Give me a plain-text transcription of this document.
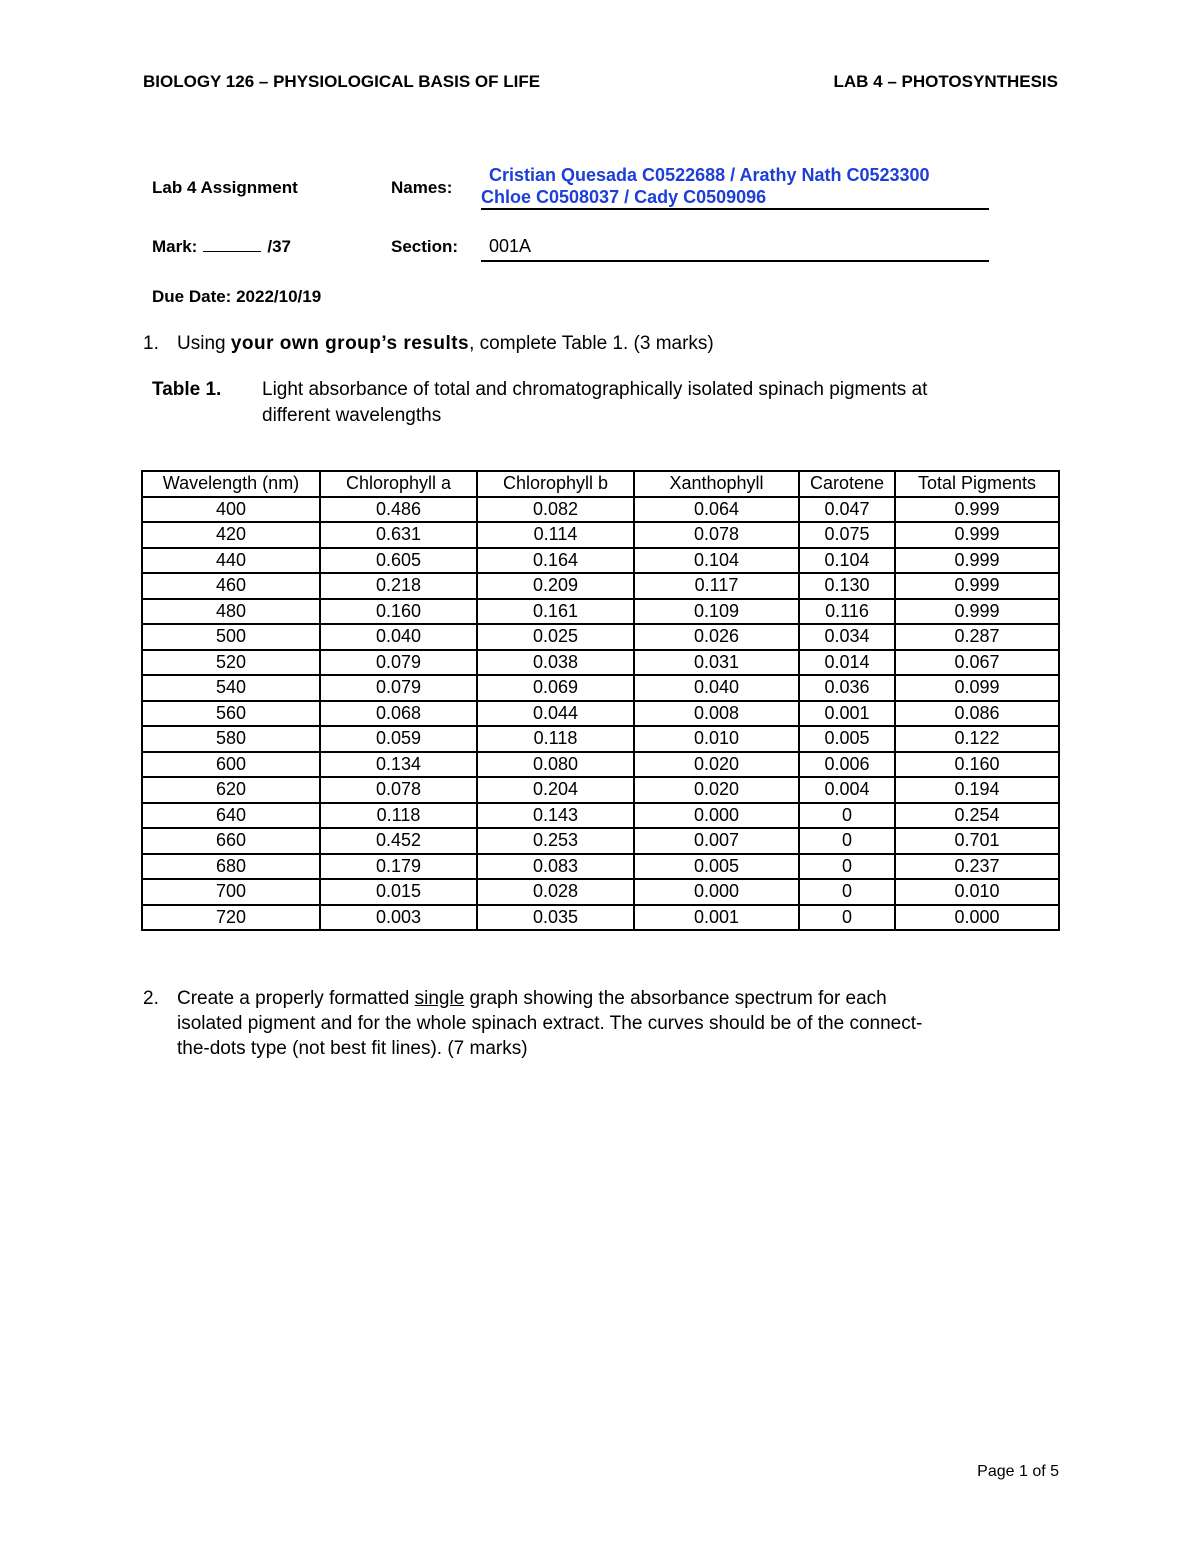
BIOLOGY 126 – PHYSIOLOGICAL BASIS OF LIFE	LAB 4 – PHOTOSYNTHESIS
Lab 4 Assignment	Names:
Cristian Quesada C0522688 / Arathy Nath C0523300
Chloe C0508037 / Cady C0509096
Mark:	/37	Section:	001A
Due Date: 2022/10/19
1. Using your own group’s results, complete Table 1. (3 marks)
Table 1. Light absorbance of total and chromatographically isolated spinach pigments at
different wavelengths
Wavelength (nm)	Chlorophyll a	Chlorophyll b	Xanthophyll	Carotene	Total Pigments
400	0.486	0.082	0.064	0.047	0.999
420	0.631	0.114	0.078	0.075	0.999
440	0.605	0.164	0.104	0.104	0.999
460	0.218	0.209	0.117	0.130	0.999
480	0.160	0.161	0.109	0.116	0.999
500	0.040	0.025	0.026	0.034	0.287
520	0.079	0.038	0.031	0.014	0.067
540	0.079	0.069	0.040	0.036	0.099
560	0.068	0.044	0.008	0.001	0.086
580	0.059	0.118	0.010	0.005	0.122
600	0.134	0.080	0.020	0.006	0.160
620	0.078	0.204	0.020	0.004	0.194
640	0.118	0.143	0.000	0	0.254
660	0.452	0.253	0.007	0	0.701
680	0.179	0.083	0.005	0	0.237
700	0.015	0.028	0.000	0	0.010
720	0.003	0.035	0.001	0	0.000
2. Create a properly formatted single graph showing the absorbance spectrum for each
isolated pigment and for the whole spinach extract. The curves should be of the connect-
the-dots type (not best fit lines). (7 marks)
Page 1 of 5
